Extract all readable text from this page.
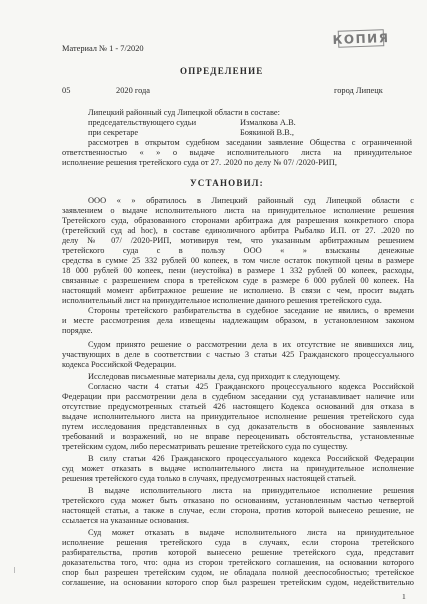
Материал № 1 - 7/2020
КОПИЯ
ОПРЕДЕЛЕНИЕ
05	2020 года	город Липецк
Липецкий районный суд Липецкой области в составе:
председательствующего судьи	Измалкова А.В.
при секретаре	Боякиной В.В.,
рассмотрев в открытом судебном заседании заявление Общества с ограниченной
ответственностью « » о выдаче исполнительного листа на принудительное
исполнение решения третейского суда от 27. .2020 по делу № 07/ /2020-РИП,
УСТАНОВИЛ:
ООО « » обратилось в Липецкий районный суд Липецкой области с
заявлением о выдаче исполнительного листа на принудительное исполнение решения
Третейского суда, образованного сторонами арбитража для разрешения конкретного спора
(третейский суд ad hoc), в составе единоличного арбитра Рыбалко И.П. от 27. .2020 по
делу № 07/ /2020-РИП, мотивируя тем, что указанным арбитражным решением
третейского суда с в пользу ООО « » взысканы денежные
средства в сумме 25 332 рублей 00 копеек, в том числе остаток покупной цены в размере
18 000 рублей 00 копеек, пени (неустойка) в размере 1 332 рублей 00 копеек, расходы,
связанные с разрешением спора в третейском суде в размере 6 000 рублей 00 копеек. На
настоящий момент арбитражное решение не исполнено. В связи с чем, просит выдать
исполнительный лист на принудительное исполнение данного решения третейского суда.
Стороны третейского разбирательства в судебное заседание не явились, о времени
и месте рассмотрения дела извещены надлежащим образом, в установленном законом
порядке.
Судом принято решение о рассмотрении дела в их отсутствие не явившихся лиц,
участвующих в деле в соответствии с частью 3 статьи 425 Гражданского процессуального
кодекса Российской Федерации.
Исследовав письменные материалы дела, суд приходит к следующему.
Согласно части 4 статьи 425 Гражданского процессуального кодекса Российской
Федерации при рассмотрении дела в судебном заседании суд устанавливает наличие или
отсутствие предусмотренных статьей 426 настоящего Кодекса оснований для отказа в
выдаче исполнительного листа на принудительное исполнение решения третейского суда
путем исследования представленных в суд доказательств в обоснование заявленных
требований и возражений, но не вправе переоценивать обстоятельства, установленные
третейским судом, либо пересматривать решение третейского суда по существу.
В силу статьи 426 Гражданского процессуального кодекса Российской Федерации
суд может отказать в выдаче исполнительного листа на принудительное исполнение
решения третейского суда только в случаях, предусмотренных настоящей статьей.
В выдаче исполнительного листа на принудительное исполнение решения
третейского суда может быть отказано по основаниям, установленным частью четвертой
настоящей статьи, а также в случае, если сторона, против которой вынесено решение, не
ссылается на указанные основания.
Суд может отказать в выдаче исполнительного листа на принудительное
исполнение решения третейского суда в случаях, если сторона третейского
разбирательства, против которой вынесено решение третейского суда, представит
доказательства того, что: одна из сторон третейского соглашения, на основании которого
спор был разрешен третейским судом, не обладала полной дееспособностью; третейское
соглашение, на основании которого спор был разрешен третейским судом, недействительно
1
